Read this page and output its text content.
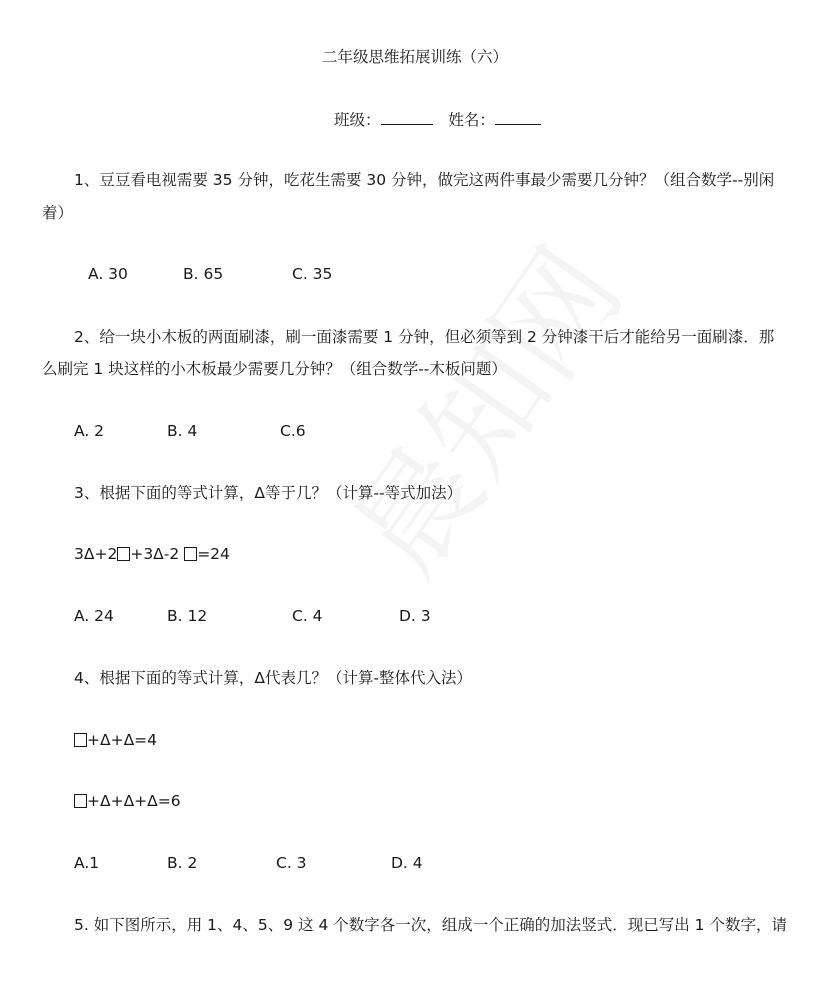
二年级思维拓展训练（六）
班级：	姓名：
1、豆豆看电视需要 35 分钟，吃花生需要 30 分钟，做完这两件事最少需要几分钟？（组合数学--别闲
着）
A. 30	B. 65	C. 35
2、给一块小木板的两面刷漆，刷一面漆需要 1 分钟，但必须等到 2 分钟漆干后才能给另一面刷漆．那
么刷完 1 块这样的小木板最少需要几分钟？（组合数学--木板问题）
A. 2	B. 4	C.6
3、根据下面的等式计算，Δ等于几？（计算--等式加法）
3Δ+2 +3Δ-2 =24
A. 24	B. 12	C. 4	D. 3
4、根据下面的等式计算，Δ代表几？（计算-整体代入法）
+Δ+Δ=4
+Δ+Δ+Δ=6
A.1	B. 2	C. 3	D. 4
5. 如下图所示，用 1、4、5、9 这 4 个数字各一次，组成一个正确的加法竖式．现已写出 1 个数字，请
